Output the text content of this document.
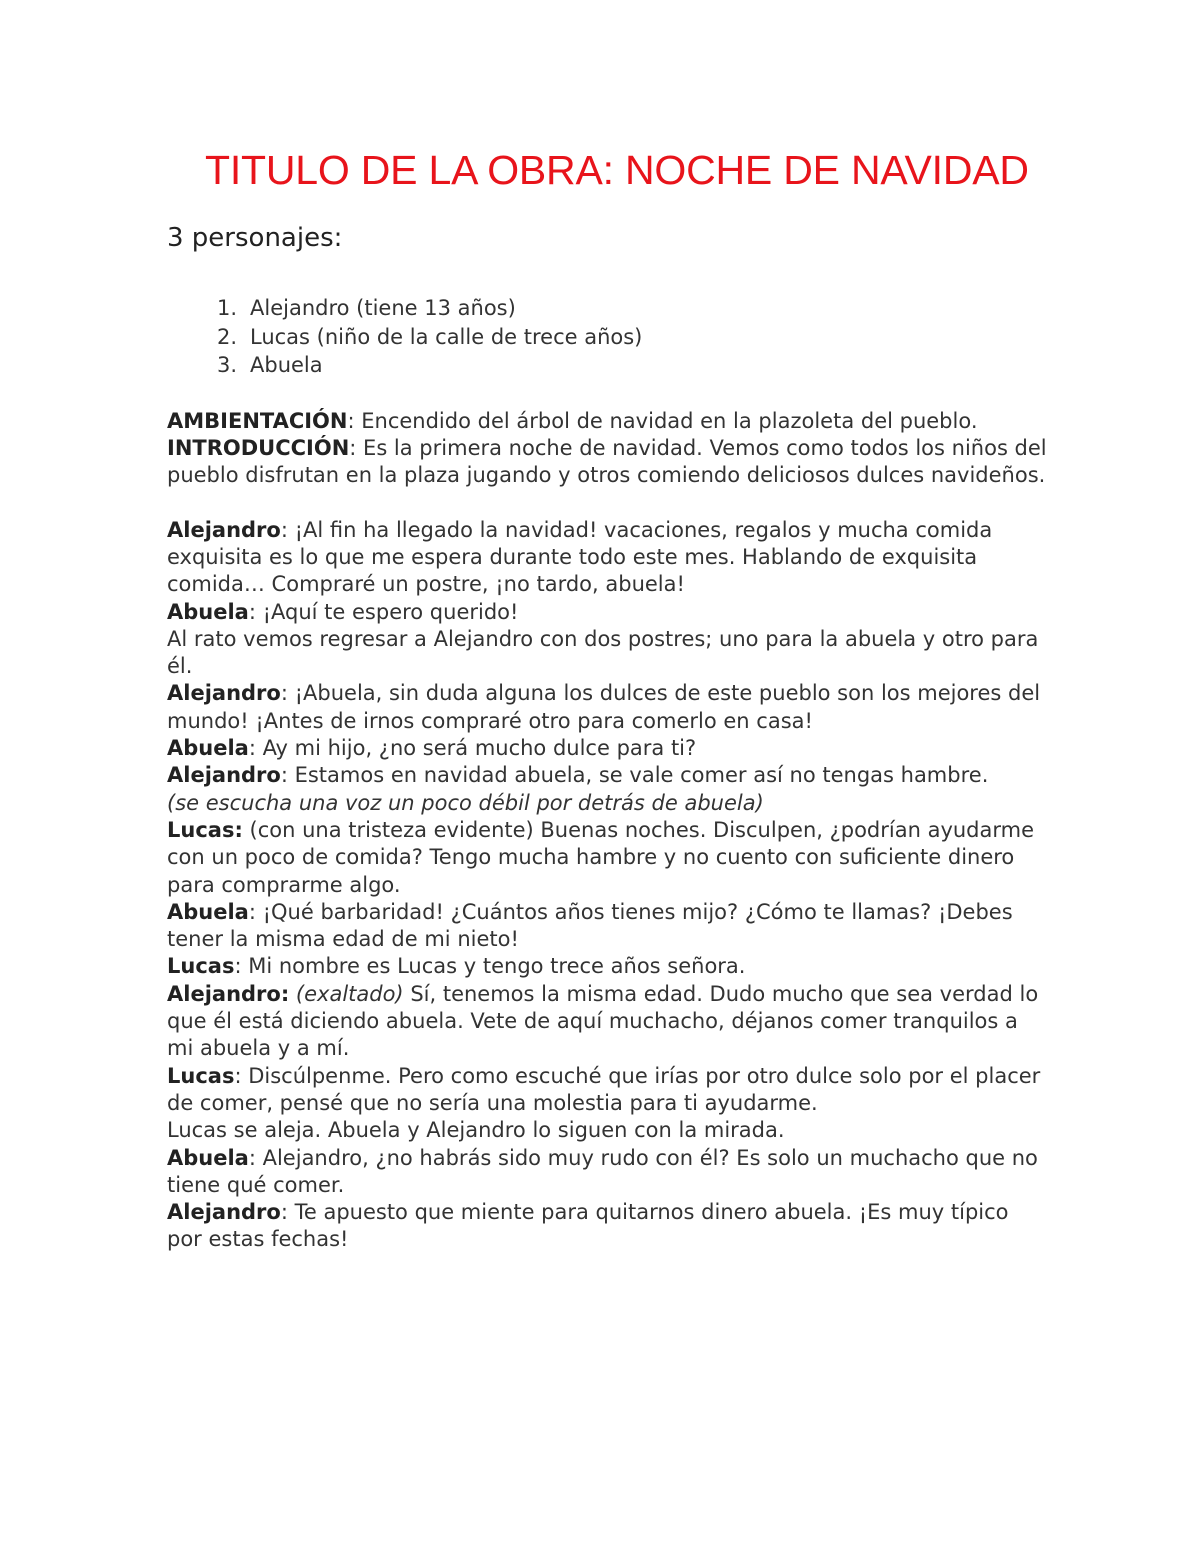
TITULO DE LA OBRA: NOCHE DE NAVIDAD
3 personajes:
1. Alejandro (tiene 13 años)
2. Lucas (niño de la calle de trece años)
3. Abuela

AMBIENTACIÓN: Encendido del árbol de navidad en la plazoleta del pueblo.

INTRODUCCIÓN: Es la primera noche de navidad. Vemos como todos los niños del pueblo disfrutan en la plaza jugando y otros comiendo deliciosos dulces navideños.

Alejandro: ¡Al fin ha llegado la navidad! vacaciones, regalos y mucha comida exquisita es lo que me espera durante todo este mes. Hablando de exquisita comida… Compraré un postre, ¡no tardo, abuela!

Abuela: ¡Aquí te espero querido!

Al rato vemos regresar a Alejandro con dos postres; uno para la abuela y otro para él.

Alejandro: ¡Abuela, sin duda alguna los dulces de este pueblo son los mejores del mundo! ¡Antes de irnos compraré otro para comerlo en casa!

Abuela: Ay mi hijo, ¿no será mucho dulce para ti?

Alejandro: Estamos en navidad abuela, se vale comer así no tengas hambre.

(se escucha una voz un poco débil por detrás de abuela)

Lucas: (con una tristeza evidente) Buenas noches. Disculpen, ¿podrían ayudarme con un poco de comida? Tengo mucha hambre y no cuento con suficiente dinero para comprarme algo.

Abuela: ¡Qué barbaridad! ¿Cuántos años tienes mijo? ¿Cómo te llamas? ¡Debes tener la misma edad de mi nieto!

Lucas: Mi nombre es Lucas y tengo trece años señora.

Alejandro: (exaltado) Sí, tenemos la misma edad. Dudo mucho que sea verdad lo que él está diciendo abuela. Vete de aquí muchacho, déjanos comer tranquilos a mi abuela y a mí.

Lucas: Discúlpenme. Pero como escuché que irías por otro dulce solo por el placer de comer, pensé que no sería una molestia para ti ayudarme.

Lucas se aleja. Abuela y Alejandro lo siguen con la mirada.

Abuela: Alejandro, ¿no habrás sido muy rudo con él? Es solo un muchacho que no tiene qué comer.

Alejandro: Te apuesto que miente para quitarnos dinero abuela. ¡Es muy típico por estas fechas!
